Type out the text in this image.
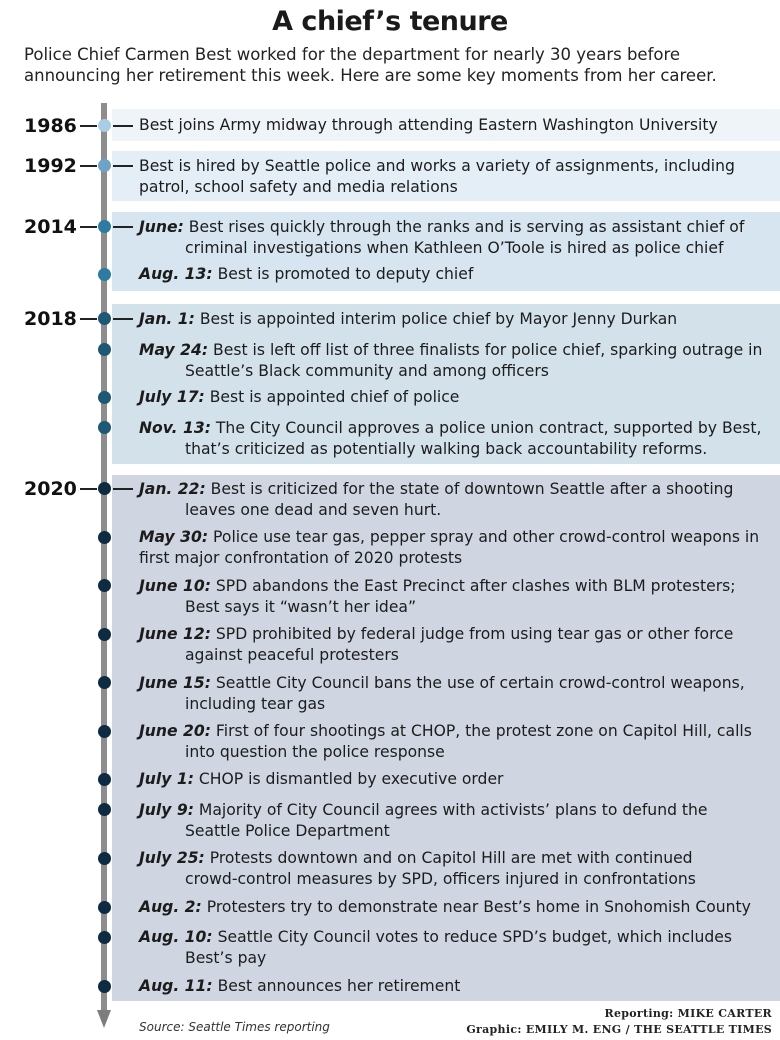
A chief’s tenure
Police Chief Carmen Best worked for the department for nearly 30 years before announcing her retirement this week. Here are some key moments from her career.
1986
1992
2014
2018
2020
Best joins Army midway through attending Eastern Washington University
Best is hired by Seattle police and works a variety of assignments, including
patrol, school safety and media relations
June: Best rises quickly through the ranks and is serving as assistant chief of
criminal investigations when Kathleen O’Toole is hired as police chief
Aug. 13: Best is promoted to deputy chief
Jan. 1: Best is appointed interim police chief by Mayor Jenny Durkan
May 24: Best is left off list of three finalists for police chief, sparking outrage in
Seattle’s Black community and among officers
July 17: Best is appointed chief of police
Nov. 13: The City Council approves a police union contract, supported by Best,
that’s criticized as potentially walking back accountability reforms.
Jan. 22: Best is criticized for the state of downtown Seattle after a shooting
leaves one dead and seven hurt.
May 30: Police use tear gas, pepper spray and other crowd-control weapons in
first major confrontation of 2020 protests
June 10: SPD abandons the East Precinct after clashes with BLM protesters;
Best says it “wasn’t her idea”
June 12: SPD prohibited by federal judge from using tear gas or other force
against peaceful protesters
June 15: Seattle City Council bans the use of certain crowd-control weapons,
including tear gas
June 20: First of four shootings at CHOP, the protest zone on Capitol Hill, calls
into question the police response
July 1: CHOP is dismantled by executive order
July 9: Majority of City Council agrees with activists’ plans to defund the
Seattle Police Department
July 25: Protests downtown and on Capitol Hill are met with continued
crowd-control measures by SPD, officers injured in confrontations
Aug. 2: Protesters try to demonstrate near Best’s home in Snohomish County
Aug. 10: Seattle City Council votes to reduce SPD’s budget, which includes
Best’s pay
Aug. 11: Best announces her retirement
Source: Seattle Times reporting
Reporting: MIKE CARTER
Graphic: EMILY M. ENG / THE SEATTLE TIMES
